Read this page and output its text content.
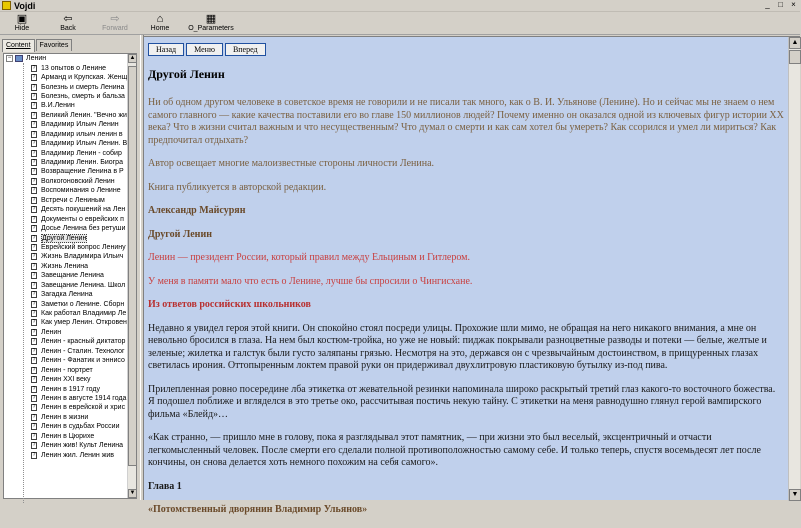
Vojdi	_	□	×
▣
Hide
⇦
Back
⇨
Forward
⌂
Home
▦
O_Parameters
Content	Favorites
− Ленин
? 13 опытов о Ленине
? Арманд и Крупская. Женщ
? Болезнь и смерть Ленина
? Болезнь, смерть и бальза
? В.И.Ленин
? Великий Ленин. "Вечно жи
? Владимир Ильич Ленин
? Владимир ильич ленин в
? Владимир Ильич Ленин. В
? Владимир Ленин - собир
? Владимир Ленин. Биогра
? Возвращение Ленина в Р
? Волкогоновский Ленин
? Воспоминания о Ленине
? Встречи с Лениным
? Десять покушений на Лен
? Документы о еврейских п
? Досье Ленина без ретуши
? Другой Ленин
? Еврейский вопрос Ленину
? Жизнь Владимира Ильич
? Жизнь Ленина
? Завещание Ленина
? Завещание Ленина. Школ
? Загадка Ленина
? Заметки о Ленине. Сборн
? Как работал Владимир Ле
? Как умер Ленин. Откровен
? Ленин
? Ленин - красный диктатор
? Ленин - Сталин. Технолог
? Ленин - Фанатик и эннисо
? Ленин - портрет
? Ленин XXI веку
? Ленин в 1917 году
? Ленин в августе 1914 года
? Ленин в еврейской и хрис
? Ленин в жизни
? Ленин в судьбах России
? Ленин в Цюрихе
? Ленин жив! Культ Ленина
? Ленин жил. Ленин жив
▲
▼
Назад	Меню	Вперед
Другой Ленин

Ни об одном другом человеке в советское время не говорили и не писали так много, как о В. И. Ульянове (Ленине). Но и сейчас мы не знаем о нем самого главного — какие качества поставили его во главе 150 миллионов людей? Почему именно он оказался одной из ключевых фигур истории XX века? Что в жизни считал важным и что несущественным? Что думал о смерти и как сам хотел бы умереть? Как ссорился и умел ли мириться? Как предпочитал отдыхать?

Автор освещает многие малоизвестные стороны личности Ленина.

Книга публикуется в авторской редакции.

Александр Майсурян

Другой Ленин

Ленин — президент России, который правил между Ельциным и Гитлером.

У меня в памяти мало что есть о Ленине, лучше бы спросили о Чингисхане.

Из ответов российских школьников

Недавно я увидел героя этой книги. Он спокойно стоял посреди улицы. Прохожие шли мимо, не обращая на него никакого внимания, а мне он невольно бросился в глаза. На нем был костюм-тройка, но уже не новый: пиджак покрывали разноцветные разводы и потеки — белые, желтые и зеленые; жилетка и галстук были густо заляпаны грязью. Несмотря на это, держався он с чрезвычайным достоинством, в прищуренных глазах светилась ирония. Оттопыренным локтем правой руки он придерживал двухлитровую пластиковую бутылку из-под пива.

Прилепленная ровно посередине лба этикетка от жевательной резинки напоминала широко раскрытый третий глаз какого-то восточного божества. Я подошел поближе и вгляделся в это третье око, рассчитывая постичь некую тайну. С этикетки на меня равнодушно глянул герой вампирского фильма «Блейд»…

«Как странно, — пришло мне в голову, пока я разглядывал этот памятник, — при жизни это был веселый, эксцентричный и отчасти легкомысленный человек. После смерти его сделали полной противоположностью самому себе. И только теперь, спустя восемьдесят лет после кончины, он снова делается хоть немного похожим на себя самого».

Глава 1

«Потомственный дворянин Владимир Ульянов»

▲
▼
